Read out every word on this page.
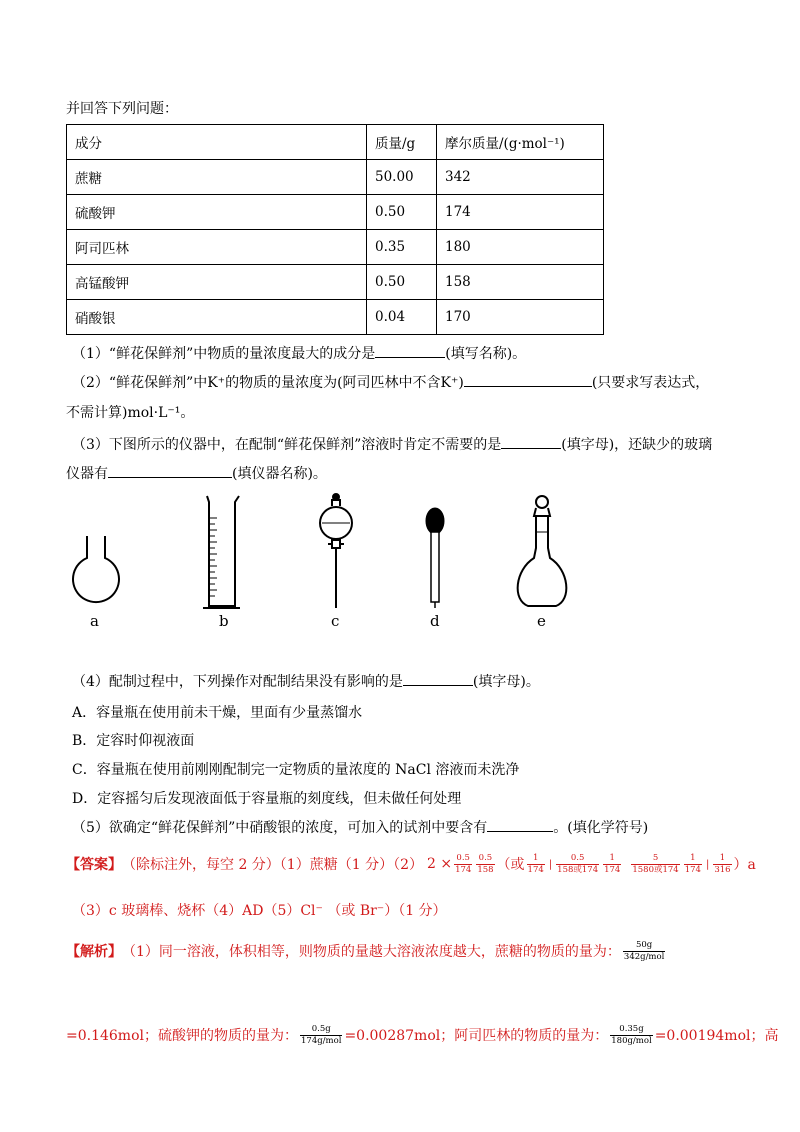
并回答下列问题：
成分	质量/g	摩尔质量/(g·mol⁻¹)
蔗糖	50.00	342
硫酸钾	0.50	174
阿司匹林	0.35	180
高锰酸钾	0.50	158
硝酸银	0.04	170
（1）“鲜花保鲜剂”中物质的量浓度最大的成分是	(填写名称)。
（2）“鲜花保鲜剂”中K⁺的物质的量浓度为(阿司匹林中不含K⁺)	(只要求写表达式，
不需计算)mol·L⁻¹。
（3）下图所示的仪器中，在配制“鲜花保鲜剂”溶液时肯定不需要的是	(填字母)，还缺少的玻璃
仪器有	(填仪器名称)。
a	b	c	d	e
（4）配制过程中，下列操作对配制结果没有影响的是	(填字母)。
A．容量瓶在使用前未干燥，里面有少量蒸馏水
B．定容时仰视液面
C．容量瓶在使用前刚刚配制完一定物质的量浓度的 NaCl 溶液而未洗净
D．定容摇匀后发现液面低于容量瓶的刻度线，但未做任何处理
（5）欲确定“鲜花保鲜剂”中硝酸银的浓度，可加入的试剂中要含有	。(填化学符号)
【答案】 （除标注外，每空 2 分）（1）蔗糖（1 分）（2） $2 \times \frac{0.5}{174} \frac{0.5}{158}$ （或 $\frac{1}{174}$ | $\frac{0.5}{\text{158或174}} \frac{1}{174} \frac{5}{\text{1580或174}} \frac{1}{174}$ | $\frac{1}{316} )a$
（3）c 玻璃棒、烧杯（4）AD（5）Cl⁻ （或 Br⁻）（1 分）
【解析】 （1）同一溶液，体积相等，则物质的量越大溶液浓度越大，蔗糖的物质的量为： $\frac{50g}{\text{342g/mol}}$
=0.146mol；硫酸钾的物质的量为： $\frac{0.5g}{\text{174g/mol}} =0.00287mol$；阿司匹林的物质的量为： $\frac{0.35g}{\text{180g/mol}} =0.00194mol$；高
